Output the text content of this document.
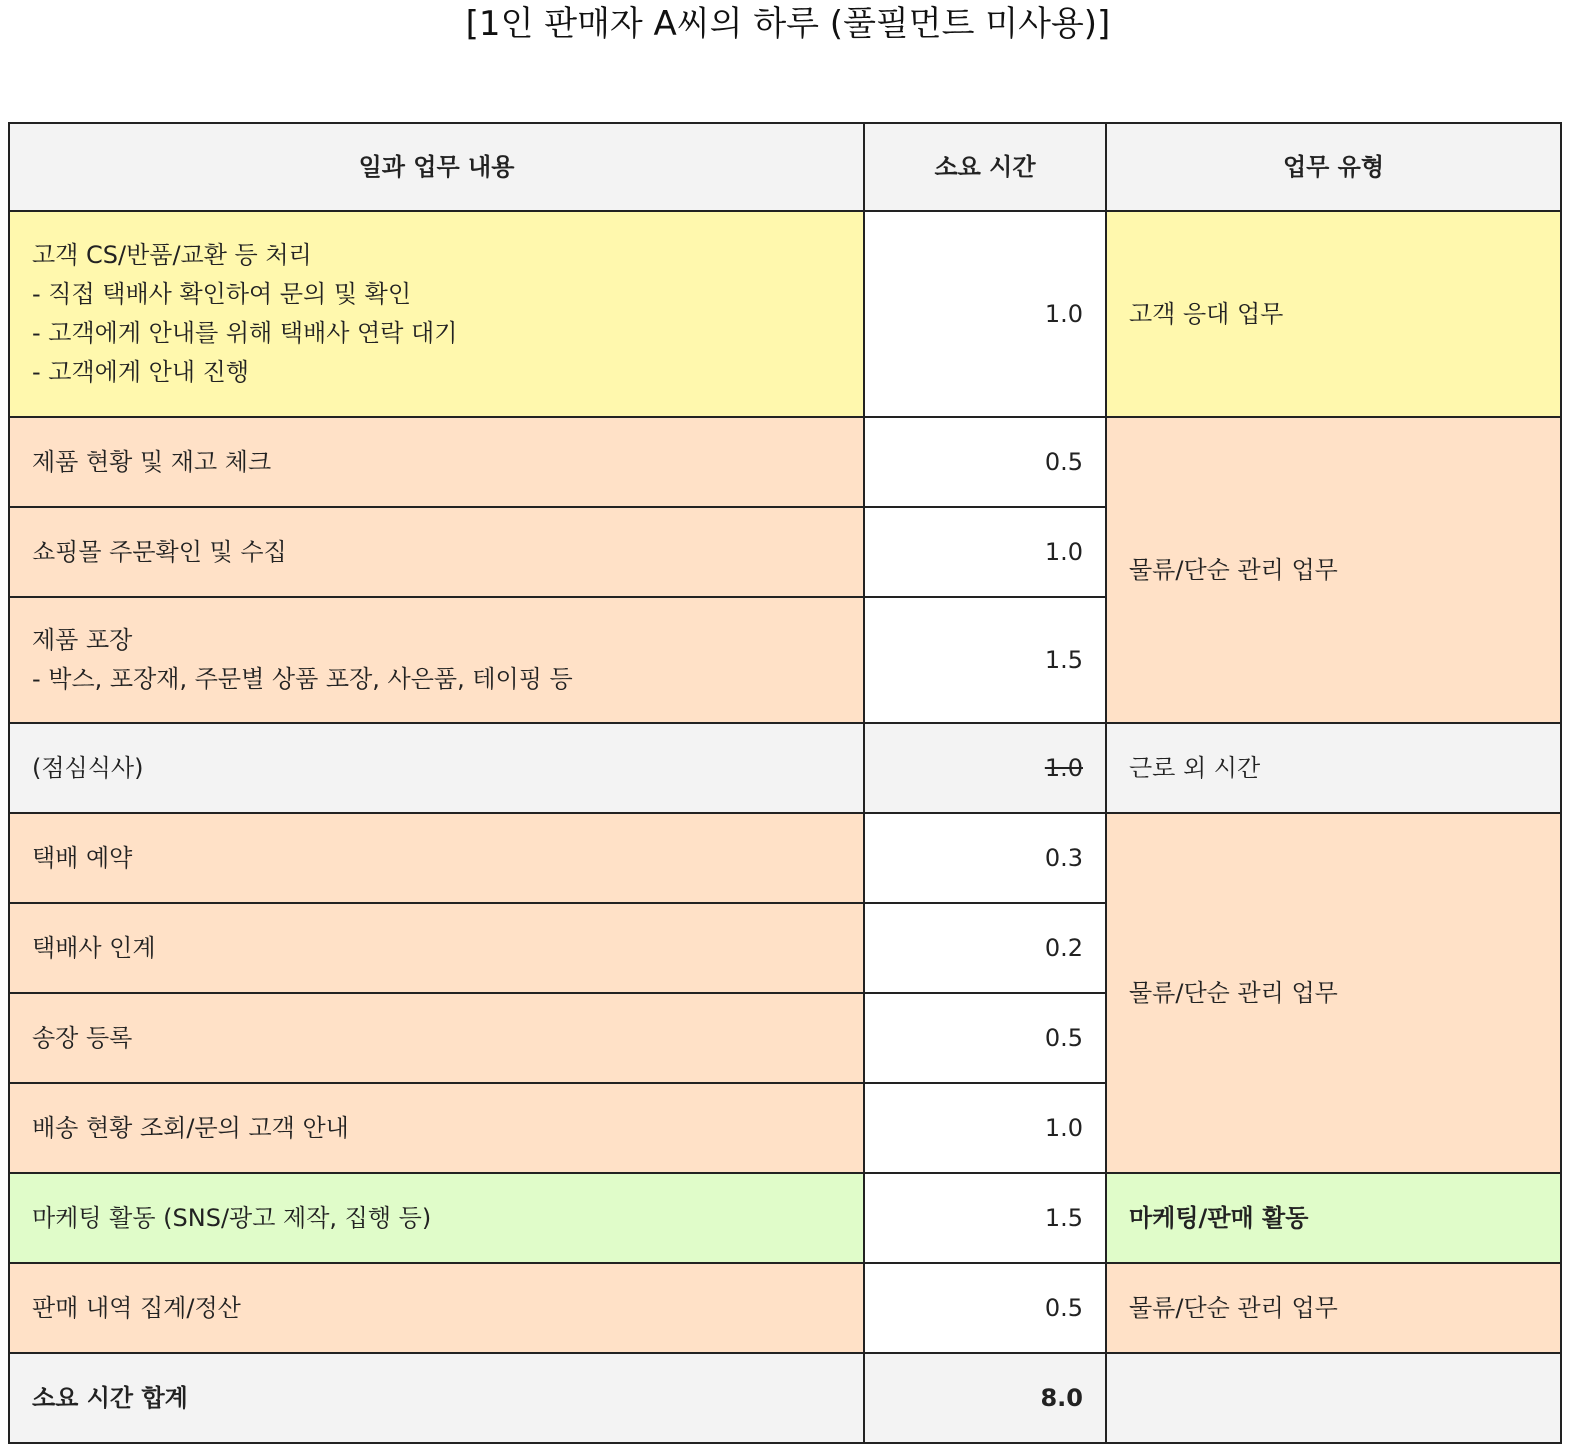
[1인 판매자 A씨의 하루 (풀필먼트 미사용)]
일과 업무 내용	소요 시간	업무 유형

고객 CS/반품/교환 등 처리
- 직접 택배사 확인하여 문의 및 확인
- 고객에게 안내를 위해 택배사 연락 대기
- 고객에게 안내 진행	1.0	고객 응대 업무
제품 현황 및 재고 체크	0.5	물류/단순 관리 업무
쇼핑몰 주문확인 및 수집	1.0	

제품 포장
- 박스, 포장재, 주문별 상품 포장, 사은품, 테이핑 등	1.5	
(점심식사)	1.0	근로 외 시간
택배 예약	0.3	물류/단순 관리 업무
택배사 인계	0.2	
송장 등록	0.5	
배송 현황 조회/문의 고객 안내	1.0	
마케팅 활동 (SNS/광고 제작, 집행 등)	1.5	마케팅/판매 활동
판매 내역 집계/정산	0.5	물류/단순 관리 업무
소요 시간 합계	8.0	
